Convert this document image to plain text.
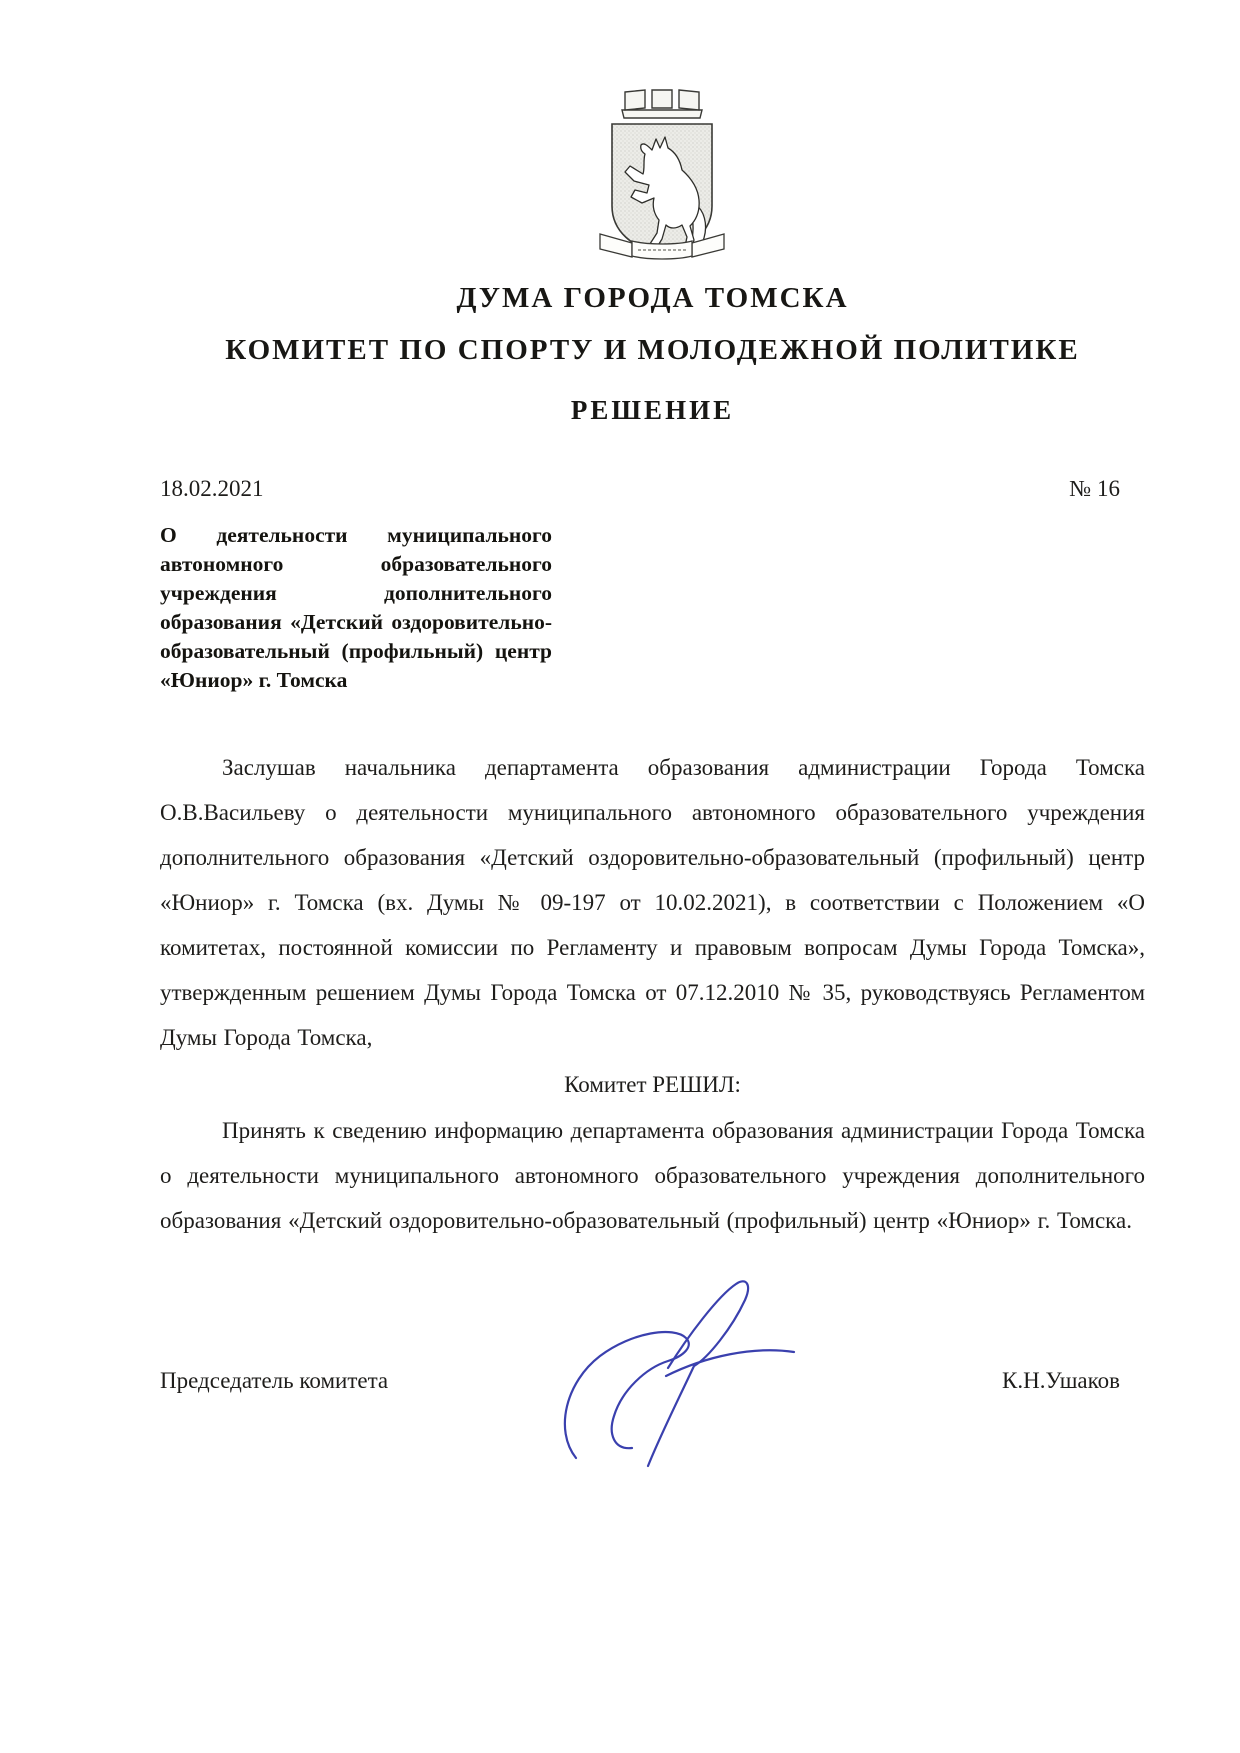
ДУМА ГОРОДА ТОМСКА
КОМИТЕТ ПО СПОРТУ И МОЛОДЕЖНОЙ ПОЛИТИКЕ
РЕШЕНИЕ
18.02.2021	№ 16
О деятельности муниципального автономного образовательного учреждения дополнительного образования «Детский оздоровительно-образовательный (профильный) центр «Юниор» г. Томска

Заслушав начальника департамента образования администрации Города Томска О.В.Васильеву о деятельности муниципального автономного образовательного учреждения дополнительного образования «Детский оздоровительно-образовательный (профильный) центр «Юниор» г. Томска (вх. Думы № 09-197 от 10.02.2021), в соответствии с Положением «О комитетах, постоянной комиссии по Регламенту и правовым вопросам Думы Города Томска», утвержденным решением Думы Города Томска от 07.12.2010 № 35, руководствуясь Регламентом Думы Города Томска,

Комитет РЕШИЛ:

Принять к сведению информацию департамента образования администрации Города Томска о деятельности муниципального автономного образовательного учреждения дополнительного образования «Детский оздоровительно-образовательный (профильный) центр «Юниор» г. Томска.

Председатель комитета	К.Н.Ушаков
